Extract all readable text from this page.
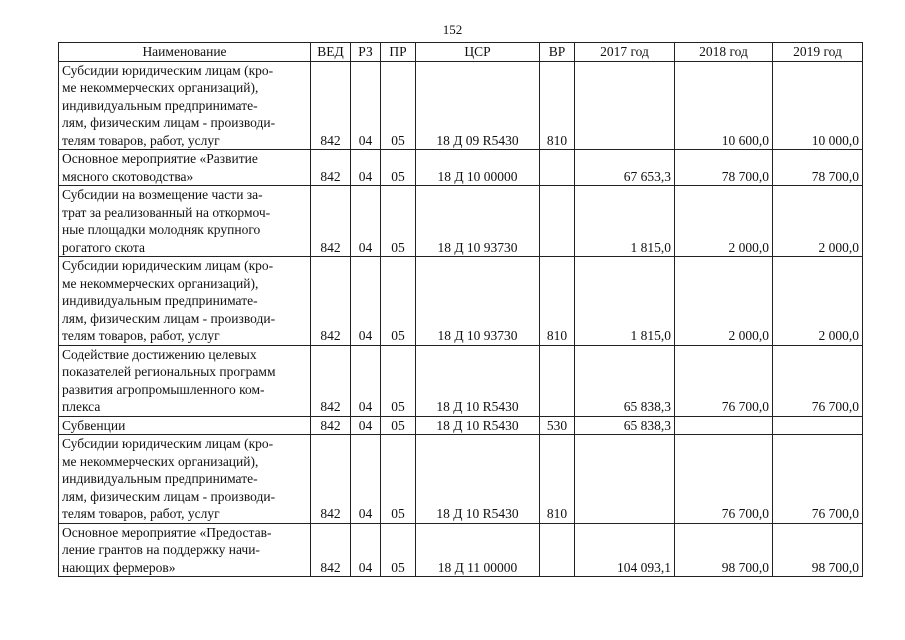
152
Наименование	ВЕД	РЗ	ПР	ЦСР	ВР	2017 год	2018 год	2019 год

Субсидии юридическим лицам (кро-
ме некоммерческих организаций),
индивидуальным предпринимате-
лям, физическим лицам - производи-
телям товаров, работ, услуг	842	04	05	18 Д 09 R5430	810		10 600,0	10 000,0

Основное мероприятие «Развитие
мясного скотоводства»	842	04	05	18 Д 10 00000		67 653,3	78 700,0	78 700,0

Субсидии на возмещение части за-
трат за реализованный на откормоч-
ные площадки молодняк крупного
рогатого скота	842	04	05	18 Д 10 93730		1 815,0	2 000,0	2 000,0

Субсидии юридическим лицам (кро-
ме некоммерческих организаций),
индивидуальным предпринимате-
лям, физическим лицам - производи-
телям товаров, работ, услуг	842	04	05	18 Д 10 93730	810	1 815,0	2 000,0	2 000,0

Содействие достижению целевых
показателей региональных программ
развития агропромышленного ком-
плекса	842	04	05	18 Д 10 R5430		65 838,3	76 700,0	76 700,0

Субвенции	842	04	05	18 Д 10 R5430	530	65 838,3		

Субсидии юридическим лицам (кро-
ме некоммерческих организаций),
индивидуальным предпринимате-
лям, физическим лицам - производи-
телям товаров, работ, услуг	842	04	05	18 Д 10 R5430	810		76 700,0	76 700,0

Основное мероприятие «Предостав-
ление грантов на поддержку начи-
нающих фермеров»	842	04	05	18 Д 11 00000		104 093,1	98 700,0	98 700,0
